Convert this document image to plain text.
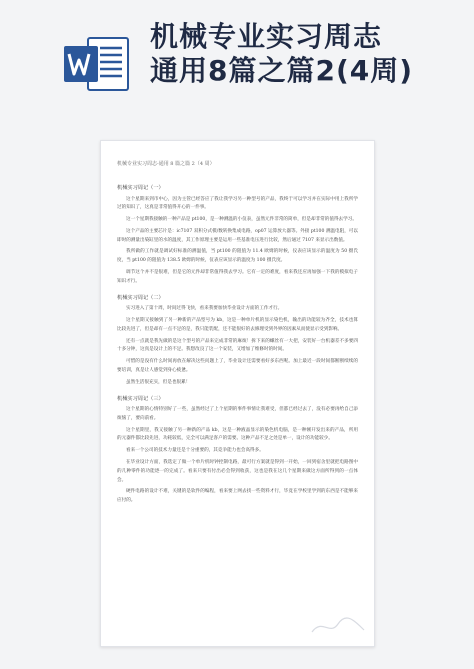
机械专业实习周志
通用8篇之篇2(4周)
机械专业实习周志-通用 8 篇之篇 2（4 周）
机械实习周记（一）

这个星期来到市中心，因为主管已经答应了我让我学习另一种型号的产品，我终于可以学习并在实际中用上我所学过的知识了，这真是非常值得开心的一件事。

这一个星期我接触的一种产品是 pt100，是一种测温的小仪表，虽然元件非常的简单，但是却非常的值得去学习。

这个产品的主要芯片是：ic7107 双积分式模/数转换集成电路，op07 运算放大器等。外接 pt100 测温电阻，可以即时的测量出染缸里的水的温度，其工作原理主要是运用一些基准电压进行比较，然后通过 7107 来显示出数值。

我所做的工作就是调试好标准的测温值，当 pt100 的阻值为 11.4 欧姆的时候，仪表应该显示的温度为 50 摄氏度，当 pt100 的阻值为 138.5 欧姆的时候，仪表应该显示的温度为 100 摄氏度。

调节这个并不是很难，但是它的元件却非常值得我去学习。它有一定的难度，看来我还应再加强一下我的模拟电子知识才行。

机械实习周记（二）

实习进入了第十周，时间过得飞快，看来我要加快毕业设计方面的工作才行。

这个星期又接触到了另一种新的产品型号为 kb，这是一种单片机的显示染色机，输出的功能较为齐全，技术也算比较先进了，但是却有一点不足的是，我只能装配，还不能很好的去修理受到外界的因素从而使显示受到影响。

还有一点就是我先做的是这个型号的产品来完成非常的麻烦！拆下来的螺丝有一大把，安装好一台机器差不多要四十多分钟，这真是设计上的不足。我想改良了这一个安装，又增加了维修时的时间。

可惜的是没有什么时间再放在解决这些问题上了，毕业设计还需要看好多东西呢。加上最近一段时间都断断续续的要培训，真是让人感觉到身心疲惫。

虽然生活很充实，但是也很累！

机械实习周记（三）

这个星期的心情特别好了一些，虽然经过了上个星期的事件事情让我难受，但都已经过去了，没有必要再给自己添烦恼了，要向前看。

这个星期里，我又接触了另一种新的产品 kb，这是一种液晶显示的染色机电脑，是一种刚开发出来的产品，所用的元器件都比较先进，功耗较低，完全可以满足客户的需要。这种产品不足之处是单一，设计的功能较少。

看来一个公司的技术力量还是十分重要的，其竞争能力也会高得多。

在毕业设计方面，我选定了做一个单片机时钟控制电路，最可行方案就是得到一开始，一回到宿舍里就把电路图中的几种零件的功能逐一的完成了。看来只要有付出必会得到收获，这也是我在这几个星期来做这方面所得到的一点体会。

硬件电路的设计不难，关键的是软件的编程，看来要上网去找一些资料才行，毕竟在学校里学到的东西是不能够来应付的。
